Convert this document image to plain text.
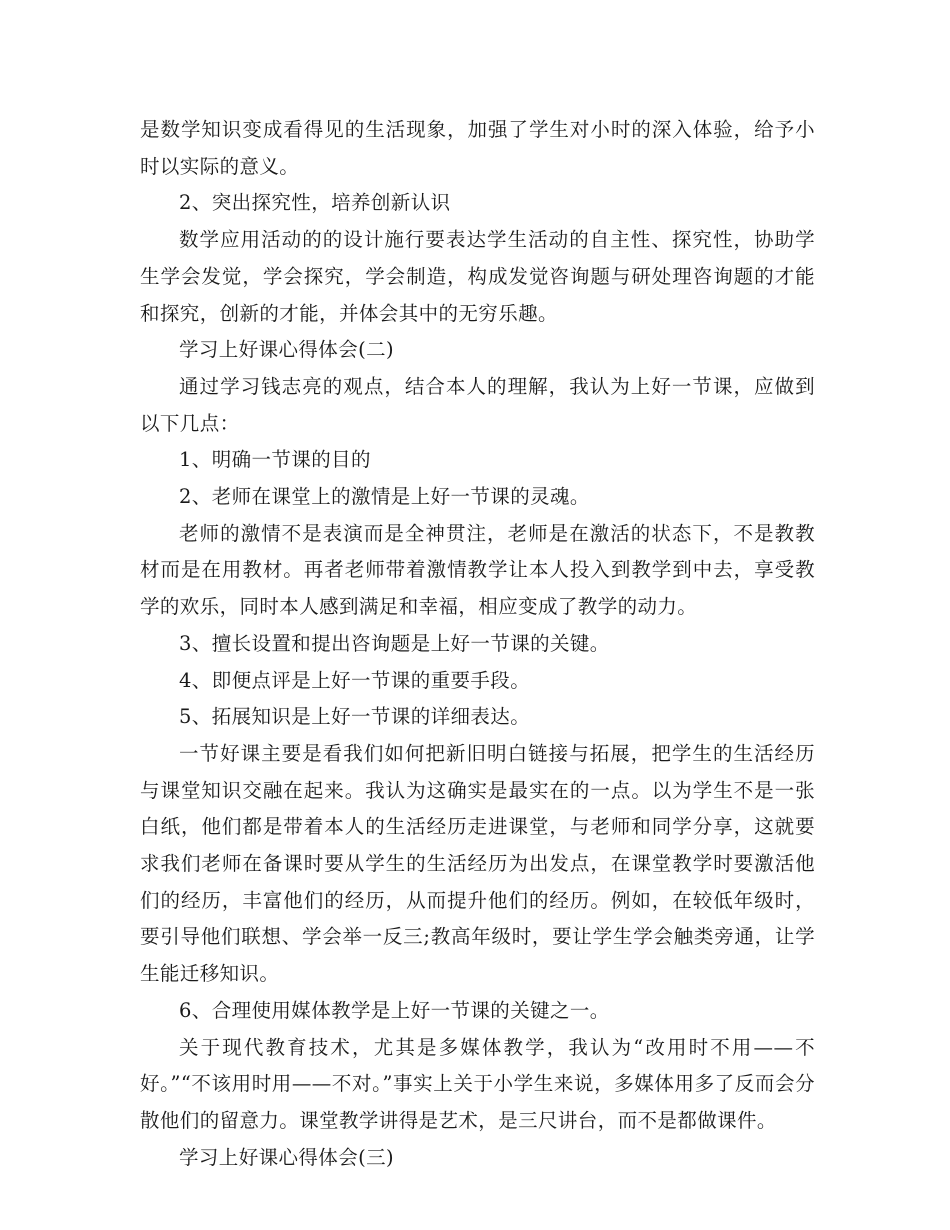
是数学知识变成看得见的生活现象，加强了学生对小时的深入体验，给予小时以实际的意义。

2、突出探究性，培养创新认识

数学应用活动的的设计施行要表达学生活动的自主性、探究性，协助学生学会发觉，学会探究，学会制造，构成发觉咨询题与研处理咨询题的才能和探究，创新的才能，并体会其中的无穷乐趣。

学习上好课心得体会(二)

通过学习钱志亮的观点，结合本人的理解，我认为上好一节课，应做到以下几点：

1、明确一节课的目的

2、老师在课堂上的激情是上好一节课的灵魂。

老师的激情不是表演而是全神贯注，老师是在激活的状态下，不是教教材而是在用教材。再者老师带着激情教学让本人投入到教学到中去，享受教学的欢乐，同时本人感到满足和幸福，相应变成了教学的动力。

3、擅长设置和提出咨询题是上好一节课的关键。

4、即便点评是上好一节课的重要手段。

5、拓展知识是上好一节课的详细表达。

一节好课主要是看我们如何把新旧明白链接与拓展，把学生的生活经历与课堂知识交融在起来。我认为这确实是最实在的一点。以为学生不是一张白纸，他们都是带着本人的生活经历走进课堂，与老师和同学分享，这就要求我们老师在备课时要从学生的生活经历为出发点，在课堂教学时要激活他们的经历，丰富他们的经历，从而提升他们的经历。例如，在较低年级时，要引导他们联想、学会举一反三;教高年级时，要让学生学会触类旁通，让学生能迁移知识。

6、合理使用媒体教学是上好一节课的关键之一。

关于现代教育技术，尤其是多媒体教学，我认为“改用时不用——不好。”“不该用时用——不对。”事实上关于小学生来说，多媒体用多了反而会分散他们的留意力。课堂教学讲得是艺术，是三尺讲台，而不是都做课件。

学习上好课心得体会(三)
